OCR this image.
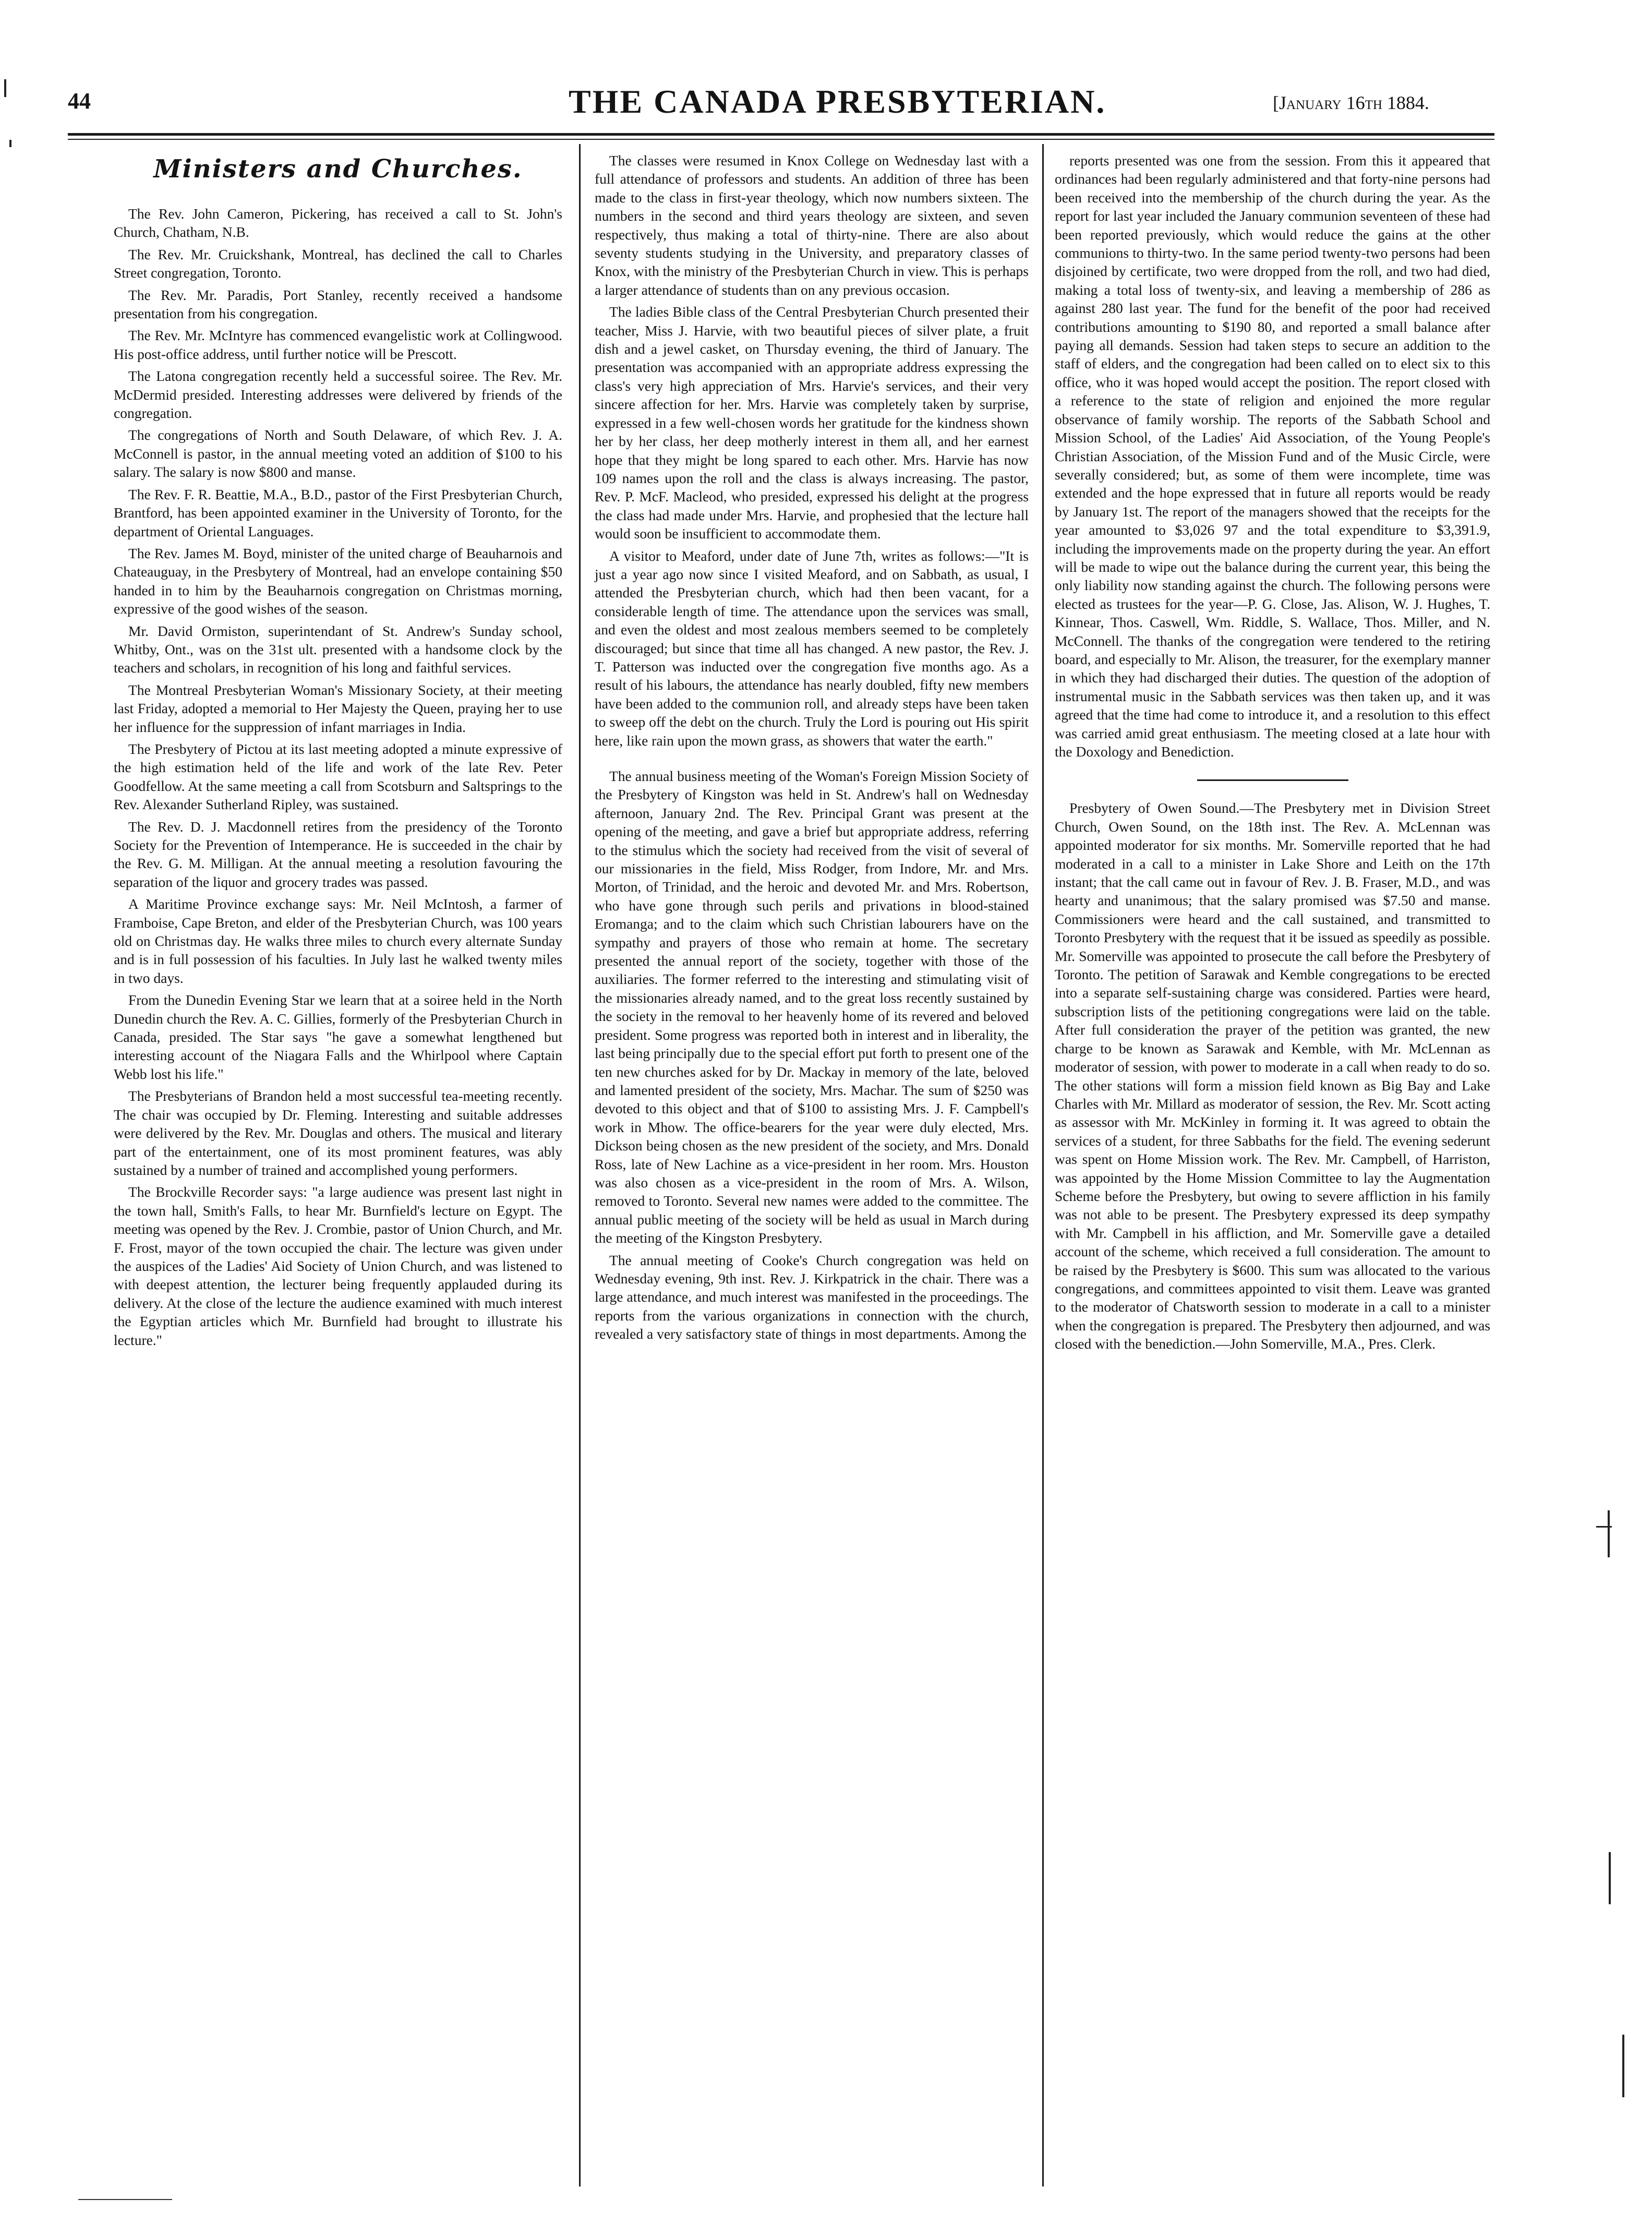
44	THE CANADA PRESBYTERIAN.	[January 16th 1884.
Ministers and Churches.

The Rev. John Cameron, Pickering, has received a call to St. John's Church, Chatham, N.B.

The Rev. Mr. Cruickshank, Montreal, has declined the call to Charles Street congregation, Toronto.

The Rev. Mr. Paradis, Port Stanley, recently received a handsome presentation from his congregation.

The Rev. Mr. McIntyre has commenced evangelistic work at Collingwood. His post-office address, until further notice will be Prescott.

The Latona congregation recently held a successful soiree. The Rev. Mr. McDermid presided. Interesting addresses were delivered by friends of the congregation.

The congregations of North and South Delaware, of which Rev. J. A. McConnell is pastor, in the annual meeting voted an addition of $100 to his salary. The salary is now $800 and manse.

The Rev. F. R. Beattie, M.A., B.D., pastor of the First Presbyterian Church, Brantford, has been appointed examiner in the University of Toronto, for the department of Oriental Languages.

The Rev. James M. Boyd, minister of the united charge of Beauharnois and Chateauguay, in the Presbytery of Montreal, had an envelope containing $50 handed in to him by the Beauharnois congregation on Christmas morning, expressive of the good wishes of the season.

Mr. David Ormiston, superintendant of St. Andrew's Sunday school, Whitby, Ont., was on the 31st ult. presented with a handsome clock by the teachers and scholars, in recognition of his long and faithful services.

The Montreal Presbyterian Woman's Missionary Society, at their meeting last Friday, adopted a memorial to Her Majesty the Queen, praying her to use her influence for the suppression of infant marriages in India.

The Presbytery of Pictou at its last meeting adopted a minute expressive of the high estimation held of the life and work of the late Rev. Peter Goodfellow. At the same meeting a call from Scotsburn and Saltsprings to the Rev. Alexander Sutherland Ripley, was sustained.

The Rev. D. J. Macdonnell retires from the presidency of the Toronto Society for the Prevention of Intemperance. He is succeeded in the chair by the Rev. G. M. Milligan. At the annual meeting a resolution favouring the separation of the liquor and grocery trades was passed.

A Maritime Province exchange says: Mr. Neil McIntosh, a farmer of Framboise, Cape Breton, and elder of the Presbyterian Church, was 100 years old on Christmas day. He walks three miles to church every alternate Sunday and is in full possession of his faculties. In July last he walked twenty miles in two days.

From the Dunedin Evening Star we learn that at a soiree held in the North Dunedin church the Rev. A. C. Gillies, formerly of the Presbyterian Church in Canada, presided. The Star says "he gave a somewhat lengthened but interesting account of the Niagara Falls and the Whirlpool where Captain Webb lost his life."

The Presbyterians of Brandon held a most successful tea-meeting recently. The chair was occupied by Dr. Fleming. Interesting and suitable addresses were delivered by the Rev. Mr. Douglas and others. The musical and literary part of the entertainment, one of its most prominent features, was ably sustained by a number of trained and accomplished young performers.

The Brockville Recorder says: "a large audience was present last night in the town hall, Smith's Falls, to hear Mr. Burnfield's lecture on Egypt. The meeting was opened by the Rev. J. Crombie, pastor of Union Church, and Mr. F. Frost, mayor of the town occupied the chair. The lecture was given under the auspices of the Ladies' Aid Society of Union Church, and was listened to with deepest attention, the lecturer being frequently applauded during its delivery. At the close of the lecture the audience examined with much interest the Egyptian articles which Mr. Burnfield had brought to illustrate his lecture."

The classes were resumed in Knox College on Wednesday last with a full attendance of professors and students. An addition of three has been made to the class in first-year theology, which now numbers sixteen. The numbers in the second and third years theology are sixteen, and seven respectively, thus making a total of thirty-nine. There are also about seventy students studying in the University, and preparatory classes of Knox, with the ministry of the Presbyterian Church in view. This is perhaps a larger attendance of students than on any previous occasion.

The ladies Bible class of the Central Presbyterian Church presented their teacher, Miss J. Harvie, with two beautiful pieces of silver plate, a fruit dish and a jewel casket, on Thursday evening, the third of January. The presentation was accompanied with an appropriate address expressing the class's very high appreciation of Mrs. Harvie's services, and their very sincere affection for her. Mrs. Harvie was completely taken by surprise, expressed in a few well-chosen words her gratitude for the kindness shown her by her class, her deep motherly interest in them all, and her earnest hope that they might be long spared to each other. Mrs. Harvie has now 109 names upon the roll and the class is always increasing. The pastor, Rev. P. McF. Macleod, who presided, expressed his delight at the progress the class had made under Mrs. Harvie, and prophesied that the lecture hall would soon be insufficient to accommodate them.

A visitor to Meaford, under date of June 7th, writes as follows:—"It is just a year ago now since I visited Meaford, and on Sabbath, as usual, I attended the Presbyterian church, which had then been vacant, for a considerable length of time. The attendance upon the services was small, and even the oldest and most zealous members seemed to be completely discouraged; but since that time all has changed. A new pastor, the Rev. J. T. Patterson was inducted over the congregation five months ago. As a result of his labours, the attendance has nearly doubled, fifty new members have been added to the communion roll, and already steps have been taken to sweep off the debt on the church. Truly the Lord is pouring out His spirit here, like rain upon the mown grass, as showers that water the earth."

The annual business meeting of the Woman's Foreign Mission Society of the Presbytery of Kingston was held in St. Andrew's hall on Wednesday afternoon, January 2nd. The Rev. Principal Grant was present at the opening of the meeting, and gave a brief but appropriate address, referring to the stimulus which the society had received from the visit of several of our missionaries in the field, Miss Rodger, from Indore, Mr. and Mrs. Morton, of Trinidad, and the heroic and devoted Mr. and Mrs. Robertson, who have gone through such perils and privations in blood-stained Eromanga; and to the claim which such Christian labourers have on the sympathy and prayers of those who remain at home. The secretary presented the annual report of the society, together with those of the auxiliaries. The former referred to the interesting and stimulating visit of the missionaries already named, and to the great loss recently sustained by the society in the removal to her heavenly home of its revered and beloved president. Some progress was reported both in interest and in liberality, the last being principally due to the special effort put forth to present one of the ten new churches asked for by Dr. Mackay in memory of the late, beloved and lamented president of the society, Mrs. Machar. The sum of $250 was devoted to this object and that of $100 to assisting Mrs. J. F. Campbell's work in Mhow. The office-bearers for the year were duly elected, Mrs. Dickson being chosen as the new president of the society, and Mrs. Donald Ross, late of New Lachine as a vice-president in her room. Mrs. Houston was also chosen as a vice-president in the room of Mrs. A. Wilson, removed to Toronto. Several new names were added to the committee. The annual public meeting of the society will be held as usual in March during the meeting of the Kingston Presbytery.

The annual meeting of Cooke's Church congregation was held on Wednesday evening, 9th inst. Rev. J. Kirkpatrick in the chair. There was a large attendance, and much interest was manifested in the proceedings. The reports from the various organizations in connection with the church, revealed a very satisfactory state of things in most departments. Among the

reports presented was one from the session. From this it appeared that ordinances had been regularly administered and that forty-nine persons had been received into the membership of the church during the year. As the report for last year included the January communion seventeen of these had been reported previously, which would reduce the gains at the other communions to thirty-two. In the same period twenty-two persons had been disjoined by certificate, two were dropped from the roll, and two had died, making a total loss of twenty-six, and leaving a membership of 286 as against 280 last year. The fund for the benefit of the poor had received contributions amounting to $190 80, and reported a small balance after paying all demands. Session had taken steps to secure an addition to the staff of elders, and the congregation had been called on to elect six to this office, who it was hoped would accept the position. The report closed with a reference to the state of religion and enjoined the more regular observance of family worship. The reports of the Sabbath School and Mission School, of the Ladies' Aid Association, of the Young People's Christian Association, of the Mission Fund and of the Music Circle, were severally considered; but, as some of them were incomplete, time was extended and the hope expressed that in future all reports would be ready by January 1st. The report of the managers showed that the receipts for the year amounted to $3,026 97 and the total expenditure to $3,391.9, including the improvements made on the property during the year. An effort will be made to wipe out the balance during the current year, this being the only liability now standing against the church. The following persons were elected as trustees for the year—P. G. Close, Jas. Alison, W. J. Hughes, T. Kinnear, Thos. Caswell, Wm. Riddle, S. Wallace, Thos. Miller, and N. McConnell. The thanks of the congregation were tendered to the retiring board, and especially to Mr. Alison, the treasurer, for the exemplary manner in which they had discharged their duties. The question of the adoption of instrumental music in the Sabbath services was then taken up, and it was agreed that the time had come to introduce it, and a resolution to this effect was carried amid great enthusiasm. The meeting closed at a late hour with the Doxology and Benediction.

Presbytery of Owen Sound.—The Presbytery met in Division Street Church, Owen Sound, on the 18th inst. The Rev. A. McLennan was appointed moderator for six months. Mr. Somerville reported that he had moderated in a call to a minister in Lake Shore and Leith on the 17th instant; that the call came out in favour of Rev. J. B. Fraser, M.D., and was hearty and unanimous; that the salary promised was $7.50 and manse. Commissioners were heard and the call sustained, and transmitted to Toronto Presbytery with the request that it be issued as speedily as possible. Mr. Somerville was appointed to prosecute the call before the Presbytery of Toronto. The petition of Sarawak and Kemble congregations to be erected into a separate self-sustaining charge was considered. Parties were heard, subscription lists of the petitioning congregations were laid on the table. After full consideration the prayer of the petition was granted, the new charge to be known as Sarawak and Kemble, with Mr. McLennan as moderator of session, with power to moderate in a call when ready to do so. The other stations will form a mission field known as Big Bay and Lake Charles with Mr. Millard as moderator of session, the Rev. Mr. Scott acting as assessor with Mr. McKinley in forming it. It was agreed to obtain the services of a student, for three Sabbaths for the field. The evening sederunt was spent on Home Mission work. The Rev. Mr. Campbell, of Harriston, was appointed by the Home Mission Committee to lay the Augmentation Scheme before the Presbytery, but owing to severe affliction in his family was not able to be present. The Presbytery expressed its deep sympathy with Mr. Campbell in his affliction, and Mr. Somerville gave a detailed account of the scheme, which received a full consideration. The amount to be raised by the Presbytery is $600. This sum was allocated to the various congregations, and committees appointed to visit them. Leave was granted to the moderator of Chatsworth session to moderate in a call to a minister when the congregation is prepared. The Presbytery then adjourned, and was closed with the benediction.—John Somerville, M.A., Pres. Clerk.
